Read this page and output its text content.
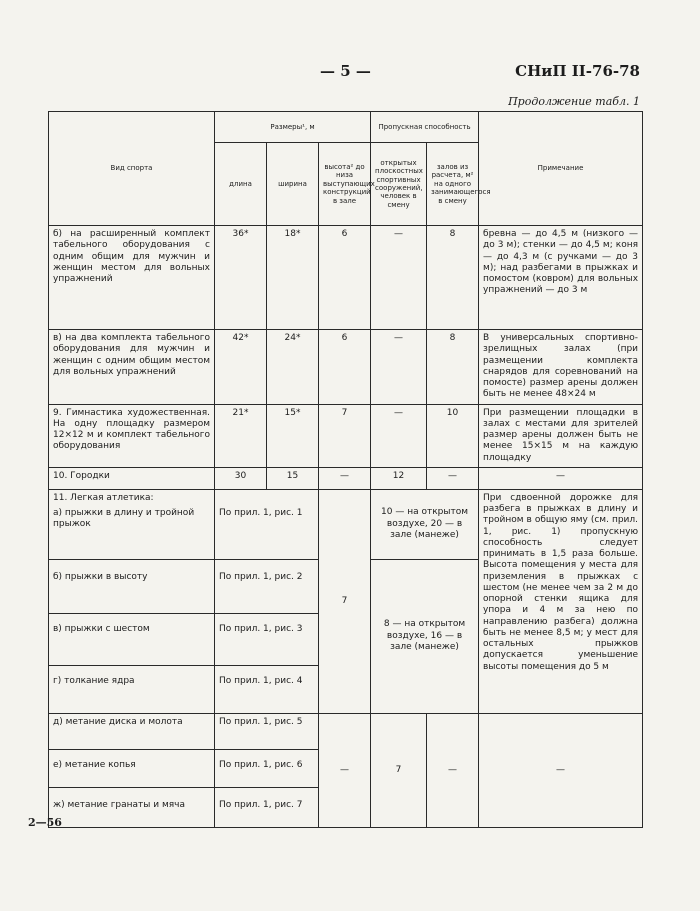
— 5 —	СНиП II-76-78
Продолжение табл. 1
Вид спорта	Размеры¹, м			Пропускная способность		Примечание
	длина	ширина	высота² до низа выступающих конструкций в зале	открытых плоскостных спортивных сооружений, человек в смену	залов из расчета, м² на одного занимающегося в смену	
б) на расширенный комплект табельного оборудования с одним общим для мужчин и женщин местом для вольных упражнений	36*	18*	6	—	8	бревна — до 4,5 м (низкого — до 3 м); стенки — до 4,5 м; коня — до 4,3 м (с ручками — до 3 м); над разбегами в прыжках и помостом (ковром) для вольных упражнений — до 3 м
в) на два комплекта табельного оборудования для мужчин и женщин с одним общим местом для вольных упражнений	42*	24*	6	—	8	В универсальных спортивно-зрелищных залах (при размещении комплекта снарядов для соревнований на помосте) размер арены должен быть не менее 48×24 м
9. Гимнастика художественная. На одну площадку размером 12×12 м и комплект табельного оборудования	21*	15*	7	—	10	При размещении площадки в залах с местами для зрителей размер арены должен быть не менее 15×15 м на каждую площадку
10. Городки	30	15	—	12	—	—

11. Легкая атлетика:
а) прыжки в длину и тройной прыжок	По прил. 1, рис. 1		7	10 — на открытом воздухе, 20 — в зале (манеже)		При сдвоенной дорожке для разбега в прыжках в длину и тройном в общую яму (см. прил. 1, рис. 1) пропускную способность следует принимать в 1,5 раза больше. Высота помещения у места для приземления в прыжках с шестом (не менее чем за 2 м до опорной стенки ящика для упора и 4 м за нею по направлению разбега) должна быть не менее 8,5 м; у мест для остальных прыжков допускается уменьшение высоты помещения до 5 м
б) прыжки в высоту	По прил. 1, рис. 2			8 — на открытом воздухе, 16 — в зале (манеже)		
в) прыжки с шестом	По прил. 1, рис. 3					
г) толкание ядра	По прил. 1, рис. 4					
д) метание диска и молота	По прил. 1, рис. 5		—	7	—	—
е) метание копья	По прил. 1, рис. 6					
ж) метание гранаты и мяча	По прил. 1, рис. 7					
2—56
